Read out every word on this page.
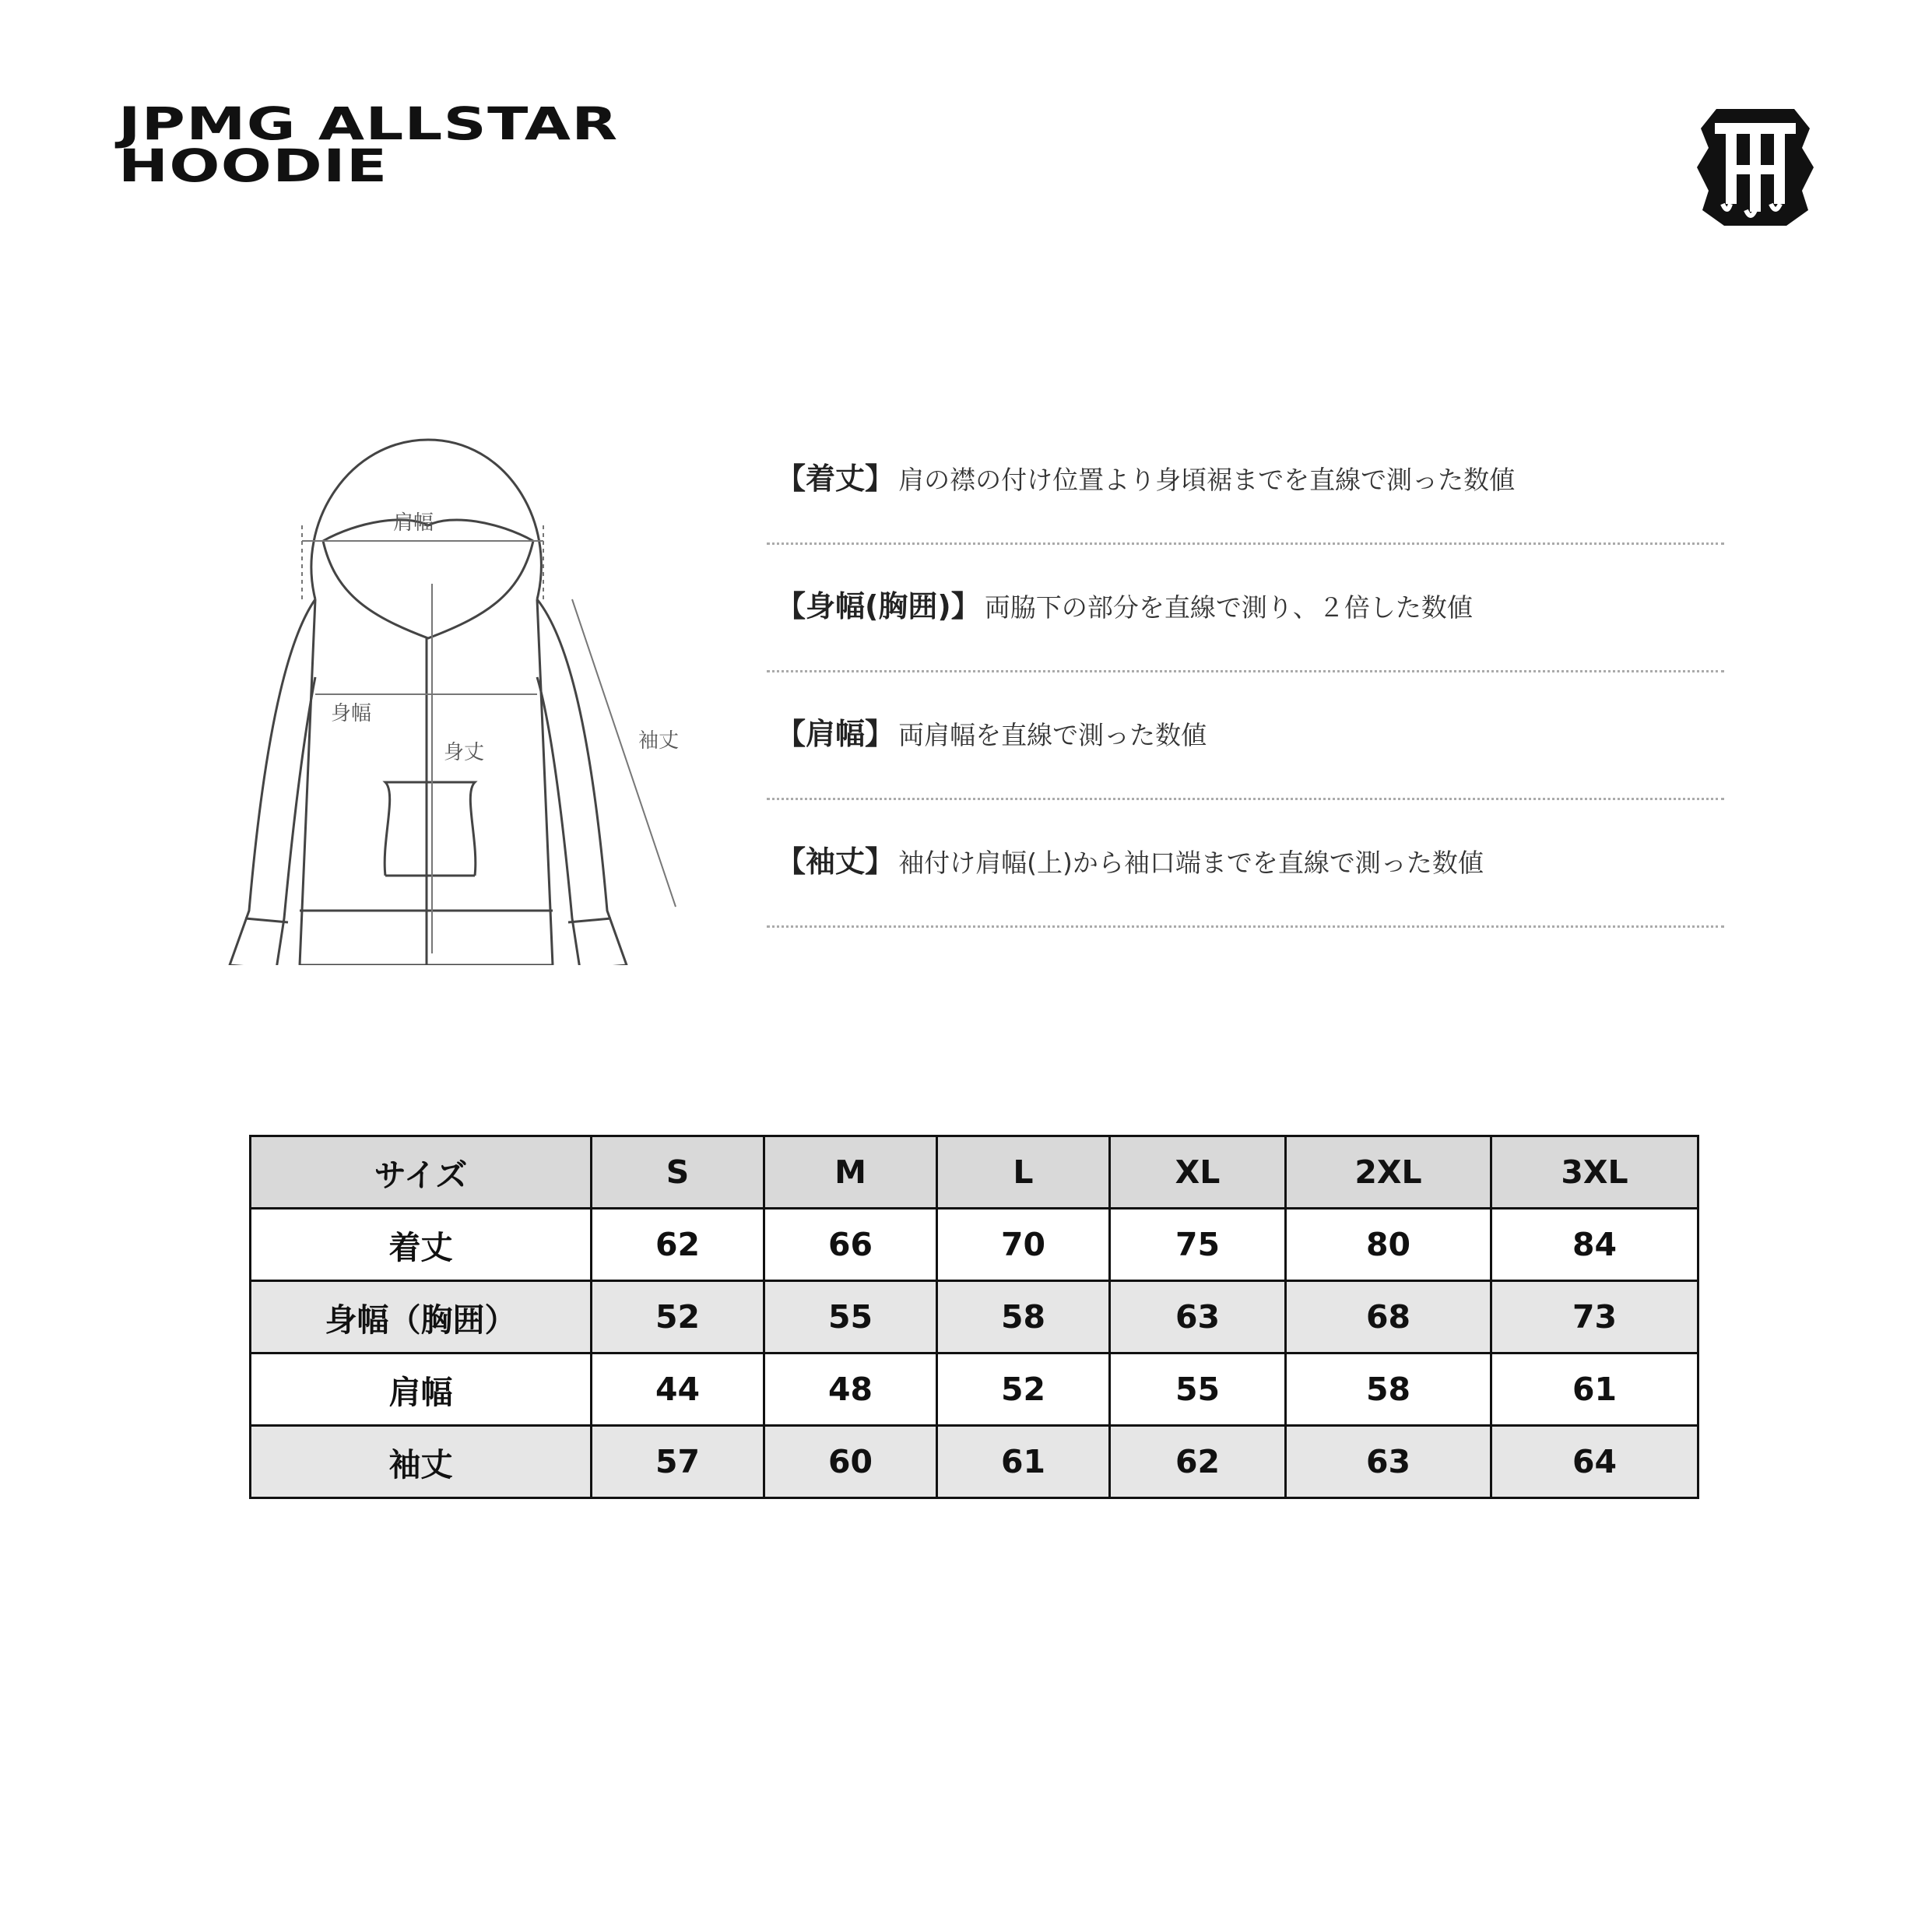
JPMG ALLSTAR
HOODIE
肩幅
身幅
身丈	袖丈
【着丈】 肩の襟の付け位置より身頃裾までを直線で測った数値
【身幅(胸囲)】 両脇下の部分を直線で測り、２倍した数値
【肩幅】 両肩幅を直線で測った数値
【袖丈】 袖付け肩幅(上)から袖口端までを直線で測った数値
サイズ	S	M	L	XL	2XL	3XL
着丈	62	66	70	75	80	84
身幅（胸囲）	52	55	58	63	68	73
肩幅	44	48	52	55	58	61
袖丈	57	60	61	62	63	64
